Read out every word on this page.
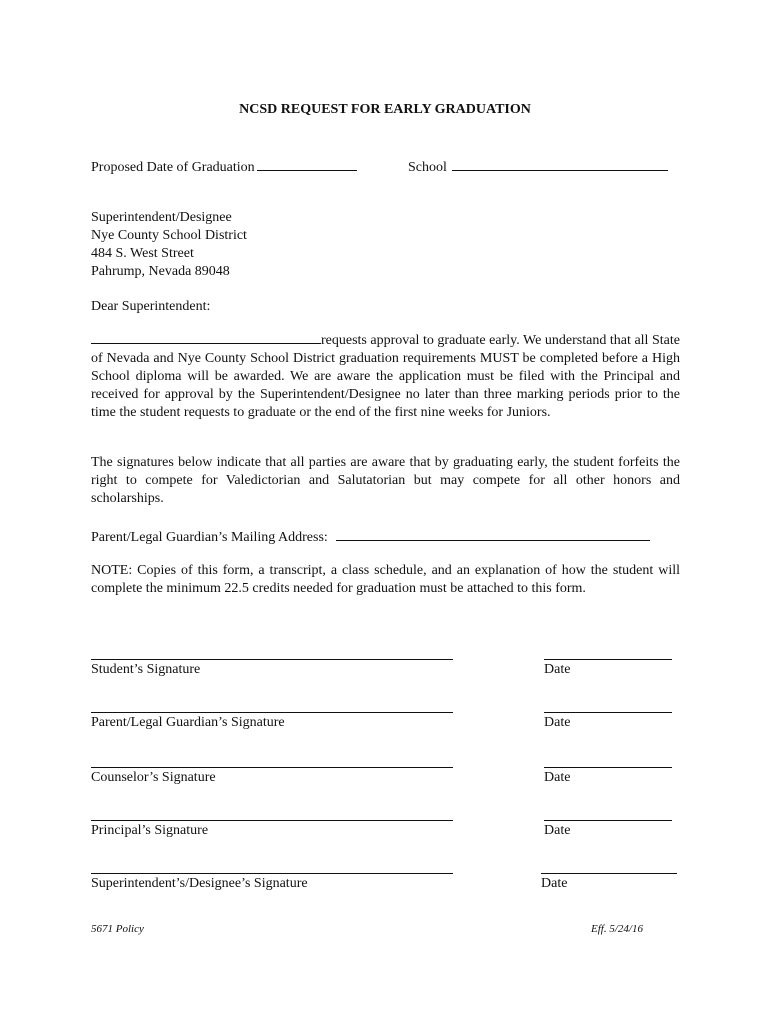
NCSD REQUEST FOR EARLY GRADUATION
Proposed Date of Graduation	School
Superintendent/Designee
Nye County School District
484 S. West Street
Pahrump, Nevada 89048
Dear Superintendent:
requests approval to graduate early. We understand that all State of Nevada and Nye County School District graduation requirements MUST be completed before a High School diploma will be awarded. We are aware the application must be filed with the Principal and received for approval by the Superintendent/Designee no later than three marking periods prior to the time the student requests to graduate or the end of the first nine weeks for Juniors.
The signatures below indicate that all parties are aware that by graduating early, the student forfeits the right to compete for Valedictorian and Salutatorian but may compete for all other honors and scholarships.
Parent/Legal Guardian’s Mailing Address:
NOTE: Copies of this form, a transcript, a class schedule, and an explanation of how the student will complete the minimum 22.5 credits needed for graduation must be attached to this form.
Student’s Signature	Date
Parent/Legal Guardian’s Signature	Date
Counselor’s Signature	Date
Principal’s Signature	Date
Superintendent’s/Designee’s Signature	Date
5671 Policy	Eff. 5/24/16
